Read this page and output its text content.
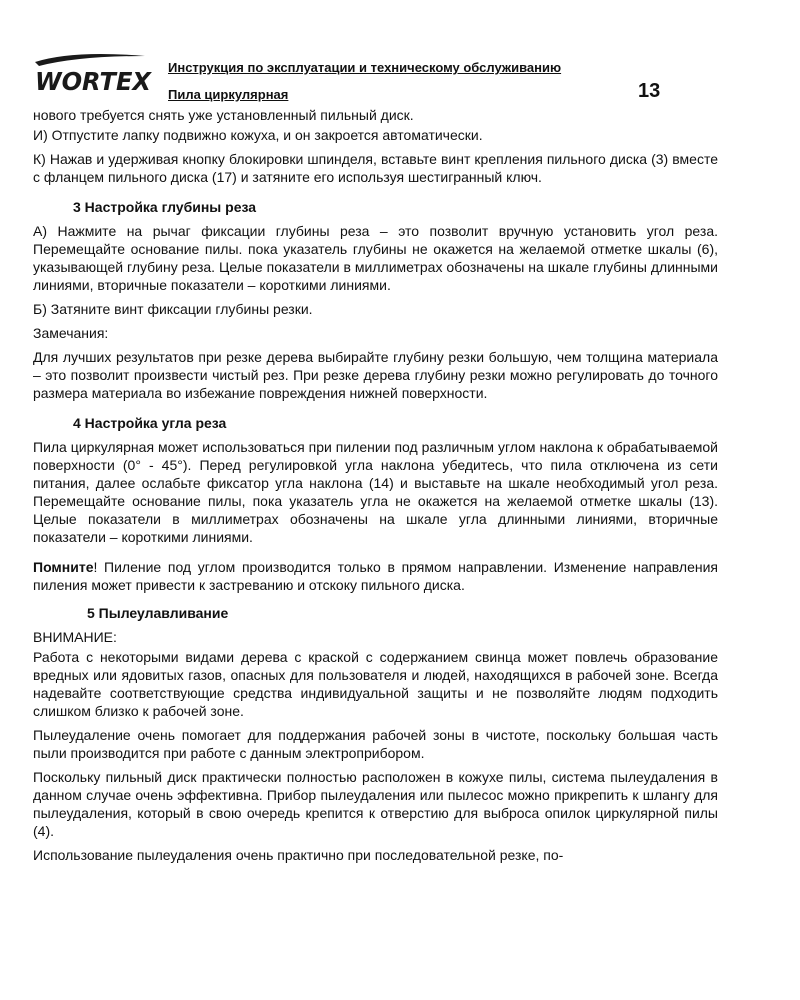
WORTEX Инструкция по эксплуатации и техническому обслуживанию
Пила циркулярная	13

нового требуется снять уже установленный пильный диск.

И) Отпустите лапку подвижно кожуха, и он закроется автоматически.

К) Нажав и удерживая кнопку блокировки шпинделя, вставьте винт крепления пильного диска (3) вместе с фланцем пильного диска (17) и затяните его используя шестигранный ключ.

3 Настройка глубины реза

А) Нажмите на рычаг фиксации глубины реза – это позволит вручную установить угол реза. Перемещайте основание пилы. пока указатель глубины не окажется на желаемой отметке шкалы (6), указывающей глубину реза. Целые показатели в миллиметрах обозначены на шкале глубины длинными линиями, вторичные показатели – короткими линиями.

Б) Затяните винт фиксации глубины резки.

Замечания:

Для лучших результатов при резке дерева выбирайте глубину резки большую, чем толщина материала – это позволит произвести чистый рез. При резке дерева глубину резки можно регулировать до точного размера материала во избежание повреждения нижней поверхности.

4 Настройка угла реза

Пила циркулярная может использоваться при пилении под различным углом наклона к обрабатываемой поверхности (0° - 45°). Перед регулировкой угла наклона убедитесь, что пила отключена из сети питания, далее ослабьте фиксатор угла наклона (14) и выставьте на шкале необходимый угол реза. Перемещайте основание пилы, пока указатель угла не окажется на желаемой отметке шкалы (13). Целые показатели в миллиметрах обозначены на шкале угла длинными линиями, вторичные показатели – короткими линиями.

Помните! Пиление под углом производится только в прямом направлении. Изменение направления пиления может привести к застреванию и отскоку пильного диска.

5 Пылеулавливание

ВНИМАНИЕ:

Работа с некоторыми видами дерева с краской с содержанием свинца может повлечь образование вредных или ядовитых газов, опасных для пользователя и людей, находящихся в рабочей зоне. Всегда надевайте соответствующие средства индивидуальной защиты и не позволяйте людям подходить слишком близко к рабочей зоне.

Пылеудаление очень помогает для поддержания рабочей зоны в чистоте, поскольку большая часть пыли производится при работе с данным электроприбором.

Поскольку пильный диск практически полностью расположен в кожухе пилы, система пылеудаления в данном случае очень эффективна. Прибор пылеудаления или пылесос можно прикрепить к шлангу для пылеудаления, который в свою очередь крепится к отверстию для выброса опилок циркулярной пилы (4).

Использование пылеудаления очень практично при последовательной резке, по-
